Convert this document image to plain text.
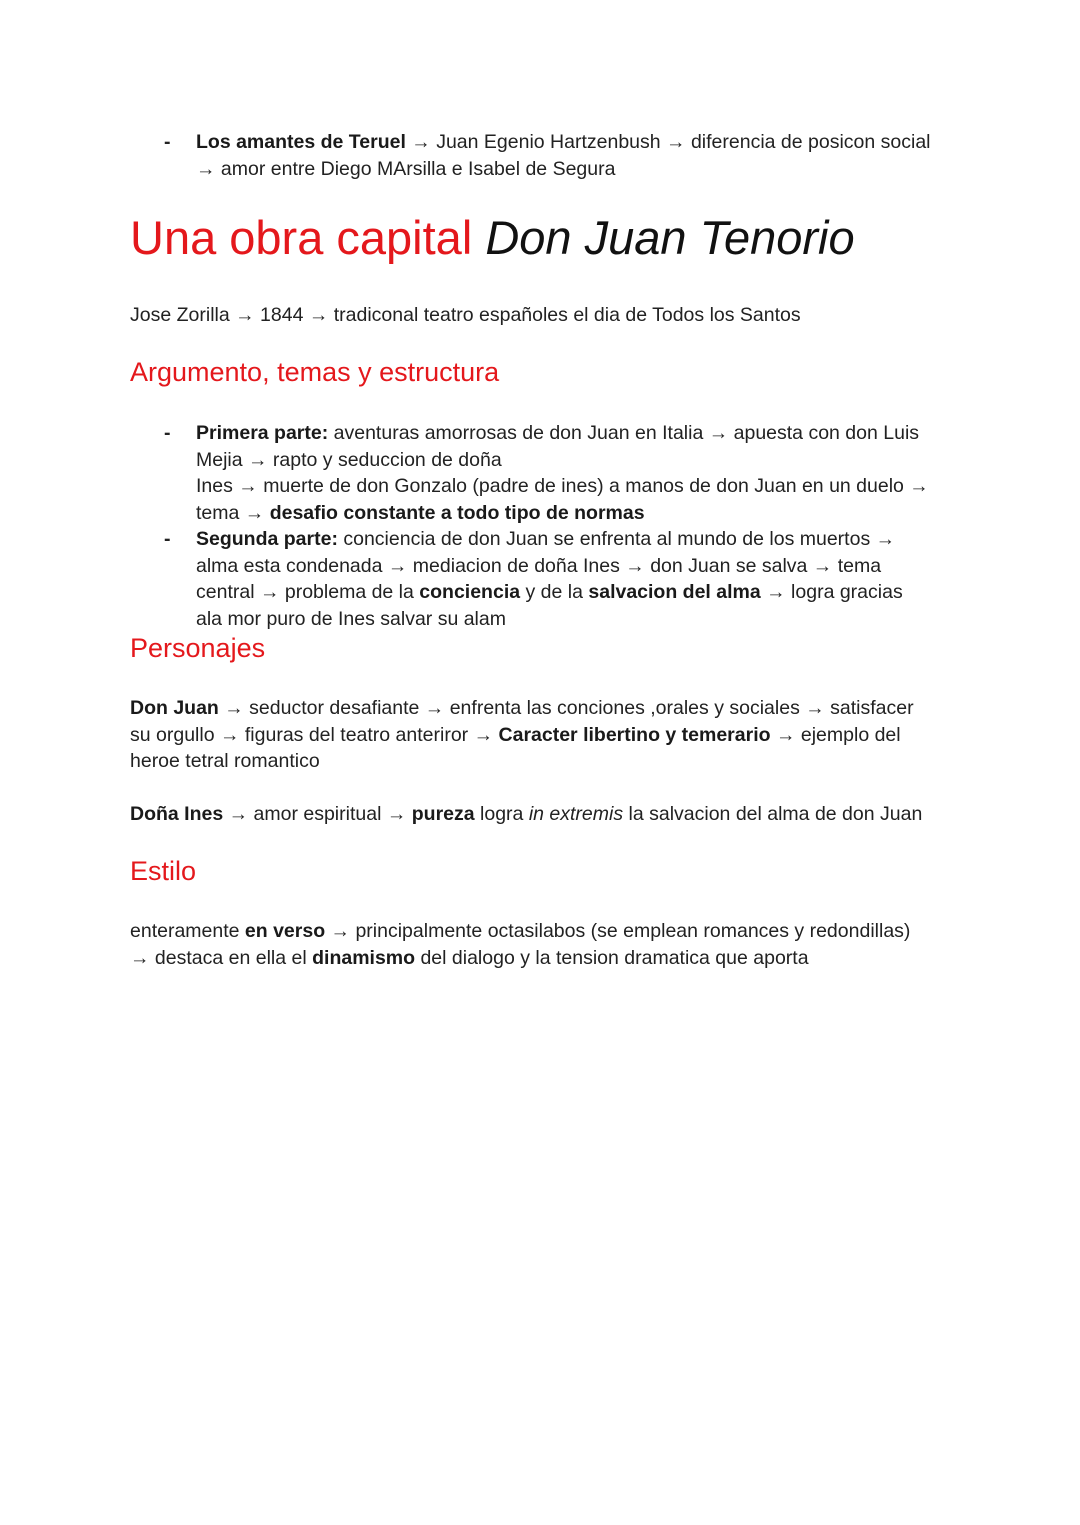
- Los amantes de Teruel → Juan Egenio Hartzenbush → diferencia de posicon social
→ amor entre Diego MArsilla e Isabel de Segura
Una obra capital Don Juan Tenorio

Jose Zorilla → 1844 → tradiconal teatro españoles el dia de Todos los Santos

Argumento, temas y estructura
- Primera parte: aventuras amorrosas de don Juan en Italia → apuesta con don Luis
Mejia → rapto y seduccion de doña
Ines → muerte de don Gonzalo (padre de ines) a manos de don Juan en un duelo →
tema → desafio constante a todo tipo de normas
- Segunda parte: conciencia de don Juan se enfrenta al mundo de los muertos →
alma esta condenada → mediacion de doña Ines → don Juan se salva → tema
central → problema de la conciencia y de la salvacion del alma → logra gracias
ala mor puro de Ines salvar su alam
Personajes

Don Juan → seductor desafiante → enfrenta las conciones ,orales y sociales → satisfacer
su orgullo → figuras del teatro anteriror → Caracter libertino y temerario → ejemplo del
heroe tetral romantico

Doña Ines → amor espiritual → pureza logra in extremis la salvacion del alma de don Juan

Estilo

enteramente en verso → principalmente octasilabos (se emplean romances y redondillas)
→ destaca en ella el dinamismo del dialogo y la tension dramatica que aporta
